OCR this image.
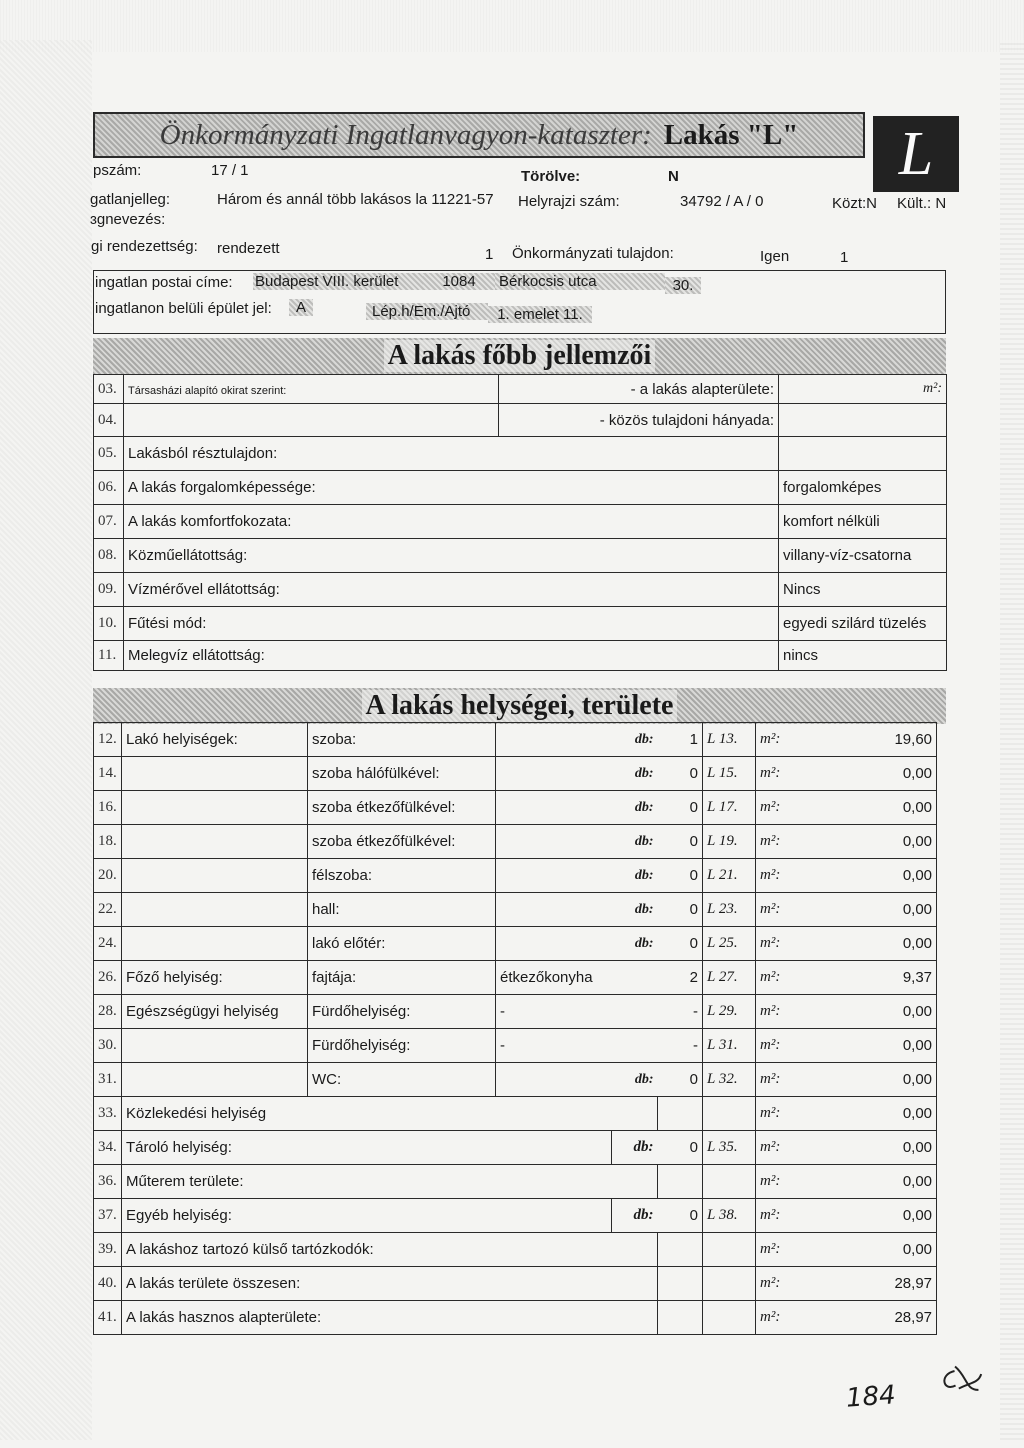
Önkormányzati Ingatlanvagyon-kataszter: Lakás "L"	L
pszám:	17 / 1	Törölve:	N
gatlanjelleg:	Három és annál több lakásos la 11221-57 Helyrajzi szám:	34792 / A / 0	Közt:N Kült.: N
ɜgnevezés:
gi rendezettség: rendezett	1 Önkormányzati tulajdon:	Igen	1
ingatlan postai címe: Budapest VIII. kerület	1084	Bérkocsis utca	30.
ingatlanon belüli épület jel:	A	Lép.h/Em./Ajtó	1. emelet 11.
A lakás főbb jellemzői
03.	Társasházi alapító okirat szerint:	- a lakás alapterülete:	m²:

04.		- közös tulajdoni hányada:	

05.	Lakásból résztulajdon:	

06.	A lakás forgalomképessége:		forgalomképes

07.	A lakás komfortfokozata:		komfort nélküli

08.	Közműellátottság:		villany-víz-csatorna

09.	Vízmérővel ellátottság:		Nincs

10.	Fűtési mód:		egyedi szilárd tüzelés

11.	Melegvíz ellátottság:		nincs

A lakás helységei, területe
12.	Lakó helyiségek:	szoba:	db:		1	L 13.	m²:	19,60
14.		szoba hálófülkével:	db:		0	L 15.	m²:	0,00
16.		szoba étkezőfülkével:	db:		0	L 17.	m²:	0,00
18.		szoba étkezőfülkével:	db:		0	L 19.	m²:	0,00
20.		félszoba:	db:		0	L 21.	m²:	0,00
22.		hall:	db:		0	L 23.	m²:	0,00
24.		lakó előtér:	db:		0	L 25.	m²:	0,00
26.	Főző helyiség:	fajtája:	étkezőkonyha		2	L 27.	m²:	9,37
28.	Egészségügyi helyiség	Fürdőhelyiség:	-		-	L 29.	m²:	0,00
30.		Fürdőhelyiség:	-		-	L 31.	m²:	0,00
31.		WC:	db:		0	L 32.	m²:	0,00
33.	Közlekedési helyiség						m²:	0,00
34.	Tároló helyiség:			db:	0	L 35.	m²:	0,00
36.	Műterem területe:						m²:	0,00
37.	Egyéb helyiség:			db:	0	L 38.	m²:	0,00
39.	A lakáshoz tartozó külső tartózkodók:						m²:	0,00
40.	A lakás területe összesen:						m²:	28,97
41.	A lakás hasznos alapterülete:						m²:	28,97
184
